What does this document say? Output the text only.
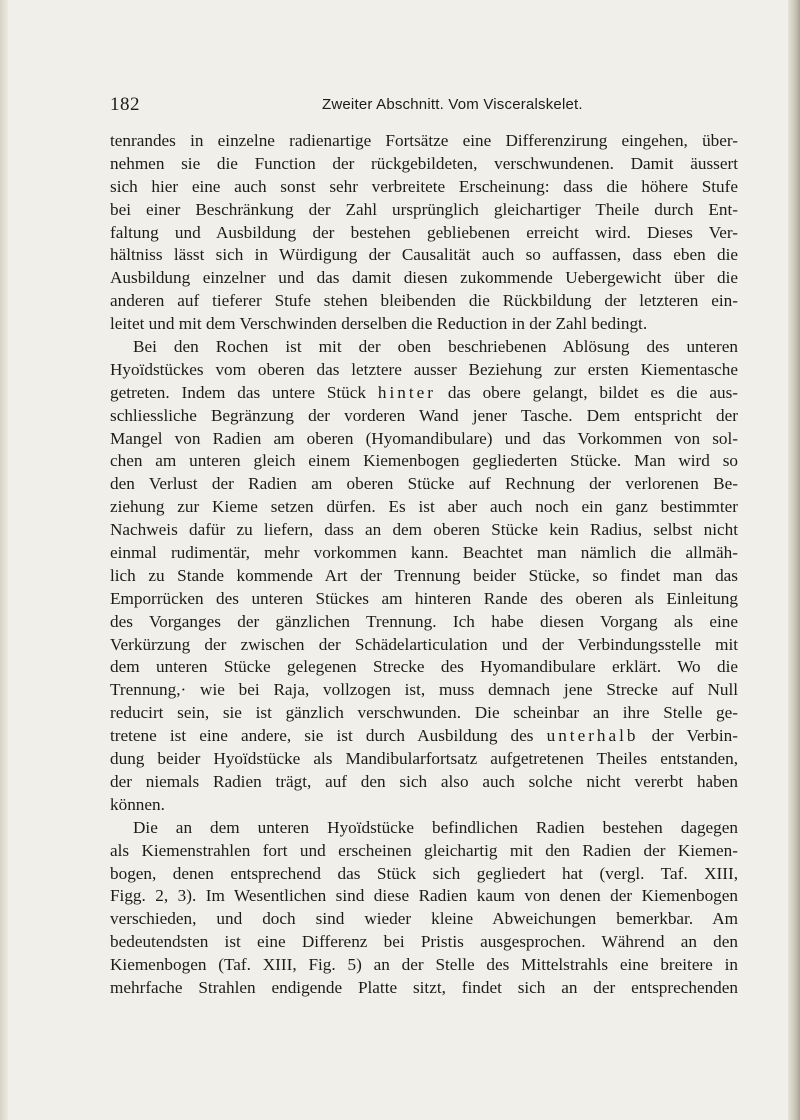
182	Zweiter Abschnitt. Vom Visceralskelet.
tenrandes in einzelne radienartige Fortsätze eine Differenzirung eingehen, über-
nehmen sie die Function der rückgebildeten, verschwundenen. Damit äussert
sich hier eine auch sonst sehr verbreitete Erscheinung: dass die höhere Stufe
bei einer Beschränkung der Zahl ursprünglich gleichartiger Theile durch Ent-
faltung und Ausbildung der bestehen gebliebenen erreicht wird. Dieses Ver-
hältniss lässt sich in Würdigung der Causalität auch so auffassen, dass eben die
Ausbildung einzelner und das damit diesen zukommende Uebergewicht über die
anderen auf tieferer Stufe stehen bleibenden die Rückbildung der letzteren ein-
leitet und mit dem Verschwinden derselben die Reduction in der Zahl bedingt.
Bei den Rochen ist mit der oben beschriebenen Ablösung des unteren
Hyoïdstückes vom oberen das letztere ausser Beziehung zur ersten Kiementasche
getreten. Indem das untere Stück hinter das obere gelangt, bildet es die aus-
schliessliche Begränzung der vorderen Wand jener Tasche. Dem entspricht der
Mangel von Radien am oberen (Hyomandibulare) und das Vorkommen von sol-
chen am unteren gleich einem Kiemenbogen gegliederten Stücke. Man wird so
den Verlust der Radien am oberen Stücke auf Rechnung der verlorenen Be-
ziehung zur Kieme setzen dürfen. Es ist aber auch noch ein ganz bestimmter
Nachweis dafür zu liefern, dass an dem oberen Stücke kein Radius, selbst nicht
einmal rudimentär, mehr vorkommen kann. Beachtet man nämlich die allmäh-
lich zu Stande kommende Art der Trennung beider Stücke, so findet man das
Emporrücken des unteren Stückes am hinteren Rande des oberen als Einleitung
des Vorganges der gänzlichen Trennung. Ich habe diesen Vorgang als eine
Verkürzung der zwischen der Schädelarticulation und der Verbindungsstelle mit
dem unteren Stücke gelegenen Strecke des Hyomandibulare erklärt. Wo die
Trennung,· wie bei Raja, vollzogen ist, muss demnach jene Strecke auf Null
reducirt sein, sie ist gänzlich verschwunden. Die scheinbar an ihre Stelle ge-
tretene ist eine andere, sie ist durch Ausbildung des unterhalb der Verbin-
dung beider Hyoïdstücke als Mandibularfortsatz aufgetretenen Theiles entstanden,
der niemals Radien trägt, auf den sich also auch solche nicht vererbt haben
können.
Die an dem unteren Hyoïdstücke befindlichen Radien bestehen dagegen
als Kiemenstrahlen fort und erscheinen gleichartig mit den Radien der Kiemen-
bogen, denen entsprechend das Stück sich gegliedert hat (vergl. Taf. XIII,
Figg. 2, 3). Im Wesentlichen sind diese Radien kaum von denen der Kiemenbogen
verschieden, und doch sind wieder kleine Abweichungen bemerkbar. Am
bedeutendsten ist eine Differenz bei Pristis ausgesprochen. Während an den
Kiemenbogen (Taf. XIII, Fig. 5) an der Stelle des Mittelstrahls eine breitere in
mehrfache Strahlen endigende Platte sitzt, findet sich an der entsprechenden
